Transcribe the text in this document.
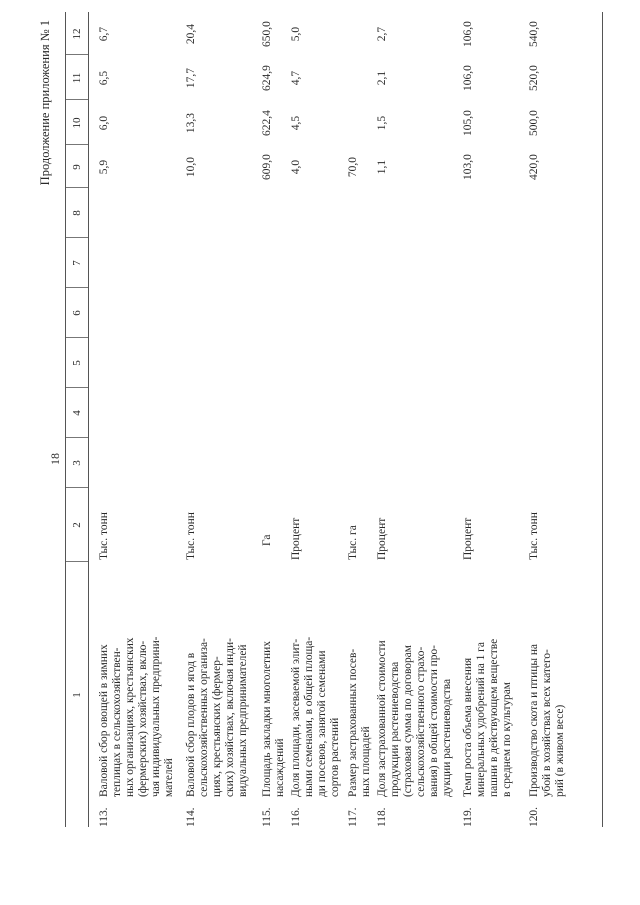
18
Продолжение приложения № 1
1
2
3
4
5
6
7
8
9
10
11
12
113.
Валовой сбор овощей в зимних теплицах в сельскохозяйствен- ных организациях, крестьянских (фермерских) хозяйствах, вклю- чая индивидуальных предприни- мателей
Тыс. тонн
5,9
6,0
6,5
6,7
114.
Валовой сбор плодов и ягод в сельскохозяйственных организа- циях, крестьянских (фермер- ских) хозяйствах, включая инди- видуальных предпринимателей
Тыс. тонн
10,0
13,3
17,7
20,4
115.
Площадь закладки многолетних насаждений
Га
609,0
622,4
624,9
650,0
116.
Доля площади, засеваемой элит- ными семенами, в общей площа- ди посевов, занятой семенами сортов растений
Процент
4,0
4,5
4,7
5,0
117.
Размер застрахованных посев- ных площадей
Тыс. га
70,0
118.
Доля застрахованной стоимости продукции растениеводства (страховая сумма по договорам сельскохозяйственного страхо- вания) в общей стоимости про- дукции растениеводства
Процент
1,1
1,5
2,1
2,7
119.
Темп роста объема внесения минеральных удобрений на 1 га пашни в действующем веществе в среднем по культурам
Процент
103,0
105,0
106,0
106,0
120.
Производство скота и птицы на убой в хозяйствах всех катего- рий (в живом весе)
Тыс. тонн
420,0
500,0
520,0
540,0
